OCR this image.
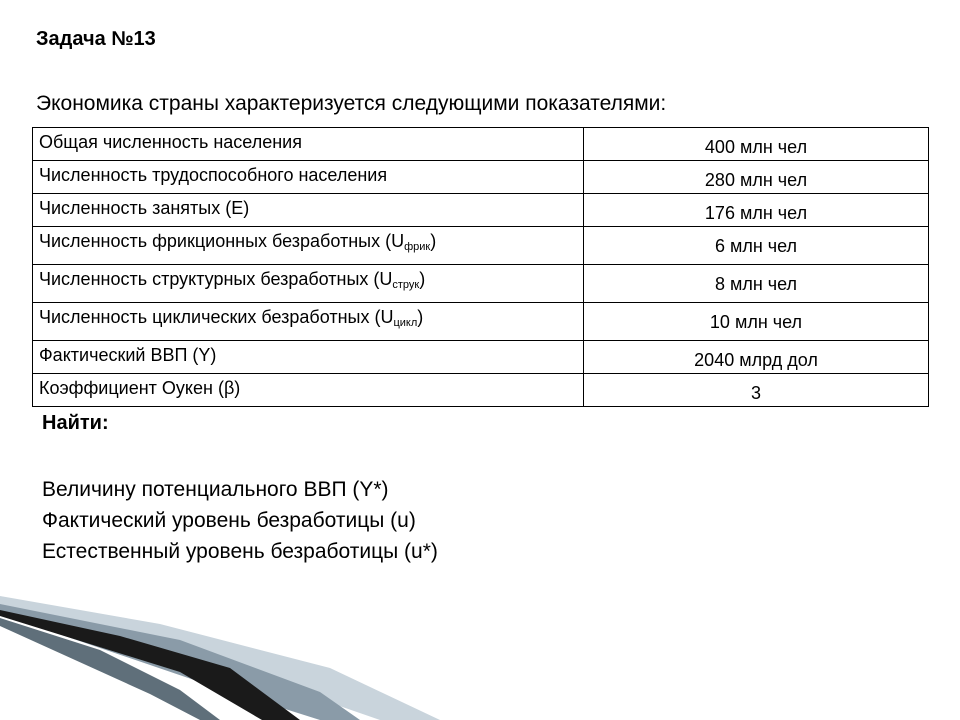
Задача №13
Экономика страны характеризуется следующими показателями:
Общая численность населения	400 млн чел
Численность трудоспособного населения	280 млн чел
Численность занятых (E)	176 млн чел
Численность фрикционных безработных $(U_{фрик})$	6 млн чел
Численность структурных безработных $(U_{струк})$	8 млн чел
Численность циклических безработных $(U_{цикл})$	10 млн чел
Фактический ВВП (Y)	2040 млрд дол
Коэффициент Оукен (β)	3
Найти:
Величину потенциального ВВП (Y*)
Фактический уровень безработицы (u)
Естественный уровень безработицы (u*)
